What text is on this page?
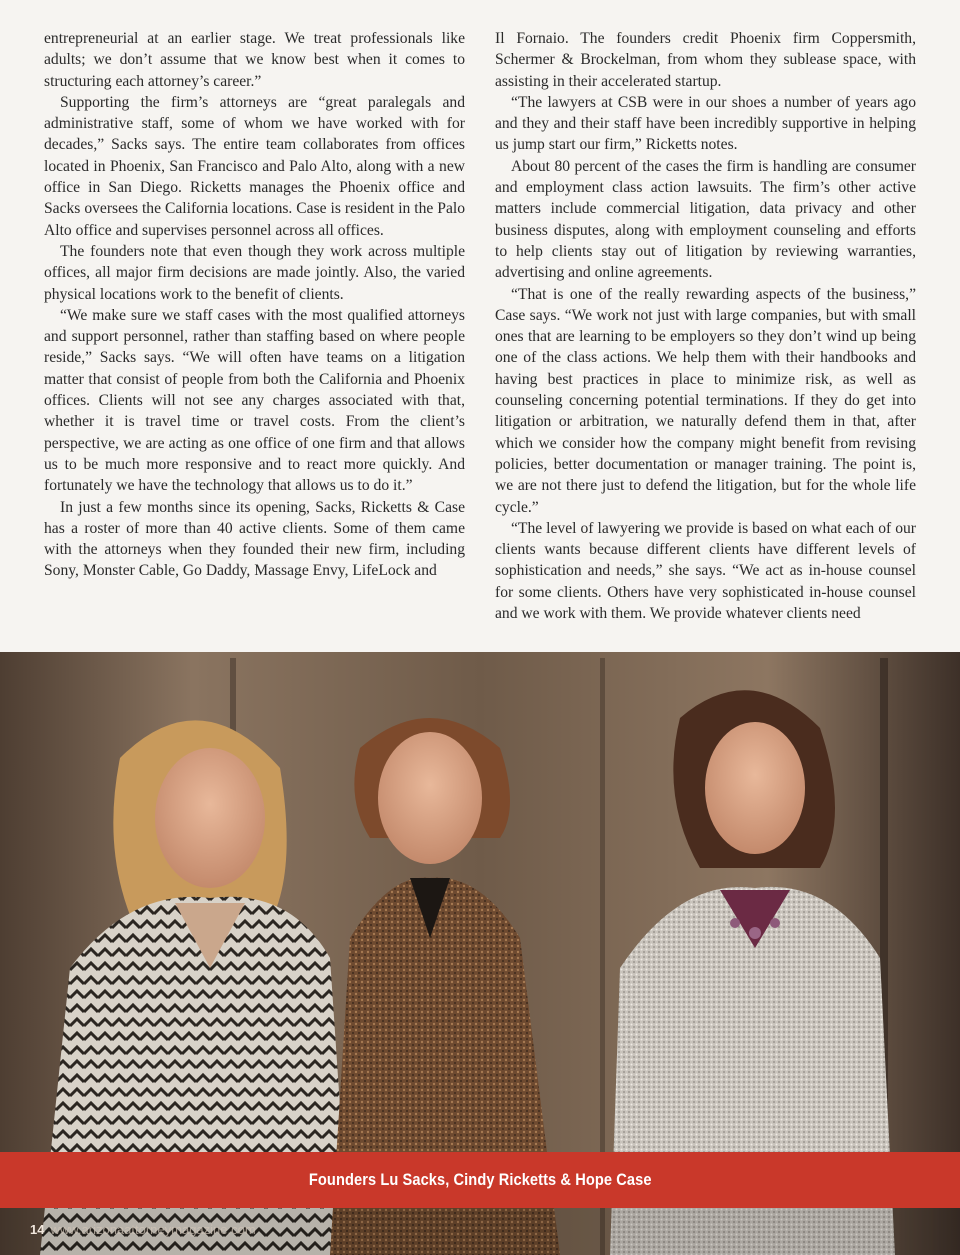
entrepreneurial at an earlier stage. We treat professionals like adults; we don’t assume that we know best when it comes to structuring each attorney’s career.”

Supporting the firm’s attorneys are “great paralegals and administrative staff, some of whom we have worked with for decades,” Sacks says. The entire team collaborates from offices located in Phoenix, San Francisco and Palo Alto, along with a new office in San Diego. Ricketts manages the Phoenix office and Sacks oversees the California locations. Case is resident in the Palo Alto office and supervises personnel across all offices.

The founders note that even though they work across multiple offices, all major firm decisions are made jointly. Also, the varied physical locations work to the benefit of clients.

“We make sure we staff cases with the most qualified attorneys and support personnel, rather than staffing based on where people reside,” Sacks says. “We will often have teams on a litigation matter that consist of people from both the California and Phoenix offices. Clients will not see any charges associated with that, whether it is travel time or travel costs. From the client’s perspective, we are acting as one office of one firm and that allows us to be much more responsive and to react more quickly. And fortunately we have the technology that allows us to do it.”

In just a few months since its opening, Sacks, Ricketts & Case has a roster of more than 40 active clients. Some of them came with the attorneys when they founded their new firm, including Sony, Monster Cable, Go Daddy, Massage Envy, LifeLock and

Il Fornaio. The founders credit Phoenix firm Coppersmith, Schermer & Brockelman, from whom they sublease space, with assisting in their accelerated startup.

“The lawyers at CSB were in our shoes a number of years ago and they and their staff have been incredibly supportive in helping us jump start our firm,” Ricketts notes.

About 80 percent of the cases the firm is handling are consumer and employment class action lawsuits. The firm’s other active matters include commercial litigation, data privacy and other business disputes, along with employment counseling and efforts to help clients stay out of litigation by reviewing warranties, advertising and online agreements.

“That is one of the really rewarding aspects of the business,” Case says. “We work not just with large companies, but with small ones that are learning to be employers so they don’t wind up being one of the class actions. We help them with their handbooks and having best practices in place to minimize risk, as well as counseling concerning potential terminations. If they do get into litigation or arbitration, we naturally defend them in that, after which we consider how the company might benefit from revising policies, better documentation or manager training. The point is, we are not there just to defend the litigation, but for the whole life cycle.”

“The level of lawyering we provide is based on what each of our clients wants because different clients have different levels of sophistication and needs,” she says. “We act as in-house counsel for some clients. Others have very sophisticated in-house counsel and we work with them. We provide whatever clients need

Founders Lu Sacks, Cindy Ricketts & Hope Case
14 www.arizonaattorneymagazine.com
